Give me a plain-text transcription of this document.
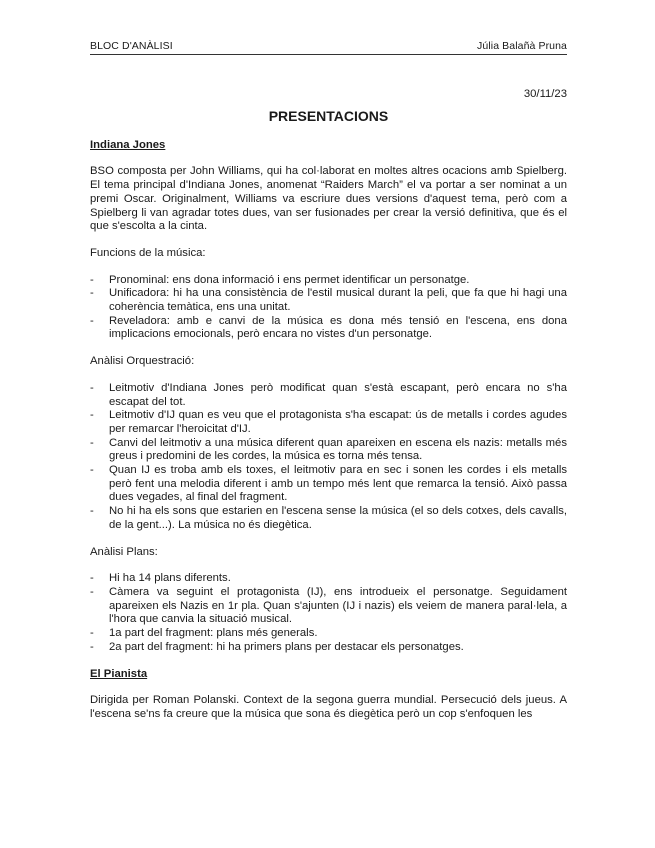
BLOC D'ANÀLISI	Júlia Balañà Pruna
30/11/23
PRESENTACIONS
Indiana Jones

BSO composta per John Williams, qui ha col·laborat en moltes altres ocacions amb Spielberg. El tema principal d'Indiana Jones, anomenat “Raiders March” el va portar a ser nominat a un premi Oscar. Originalment, Williams va escriure dues versions d'aquest tema, però com a Spielberg li van agradar totes dues, van ser fusionades per crear la versió definitiva, que és el que s'escolta a la cinta.

Funcions de la música:
- Pronominal: ens dona informació i ens permet identificar un personatge.
- Unificadora: hi ha una consistència de l'estil musical durant la peli, que fa que hi hagi una coherència temàtica, ens una unitat.
- Reveladora: amb e canvi de la música es dona més tensió en l'escena, ens dona implicacions emocionals, però encara no vistes d'un personatge.
Anàlisi Orquestració:
- Leitmotiv d'Indiana Jones però modificat quan s'està escapant, però encara no s'ha escapat del tot.
- Leitmotiv d'IJ quan es veu que el protagonista s'ha escapat: ús de metalls i cordes agudes per remarcar l'heroicitat d'IJ.
- Canvi del leitmotiv a una música diferent quan apareixen en escena els nazis: metalls més greus i predomini de les cordes, la música es torna més tensa.
- Quan IJ es troba amb els toxes, el leitmotiv para en sec i sonen les cordes i els metalls però fent una melodia diferent i amb un tempo més lent que remarca la tensió. Això passa dues vegades, al final del fragment.
- No hi ha els sons que estarien en l'escena sense la música (el so dels cotxes, dels cavalls, de la gent...). La música no és diegètica.
Anàlisi Plans:
- Hi ha 14 plans diferents.
- Càmera va seguint el protagonista (IJ), ens introdueix el personatge. Seguidament apareixen els Nazis en 1r pla. Quan s'ajunten (IJ i nazis) els veiem de manera paral·lela, a l'hora que canvia la situació musical.
- 1a part del fragment: plans més generals.
- 2a part del fragment: hi ha primers plans per destacar els personatges.
El Pianista

Dirigida per Roman Polanski. Context de la segona guerra mundial. Persecució dels jueus. A l'escena se'ns fa creure que la música que sona és diegètica però un cop s'enfoquen les
